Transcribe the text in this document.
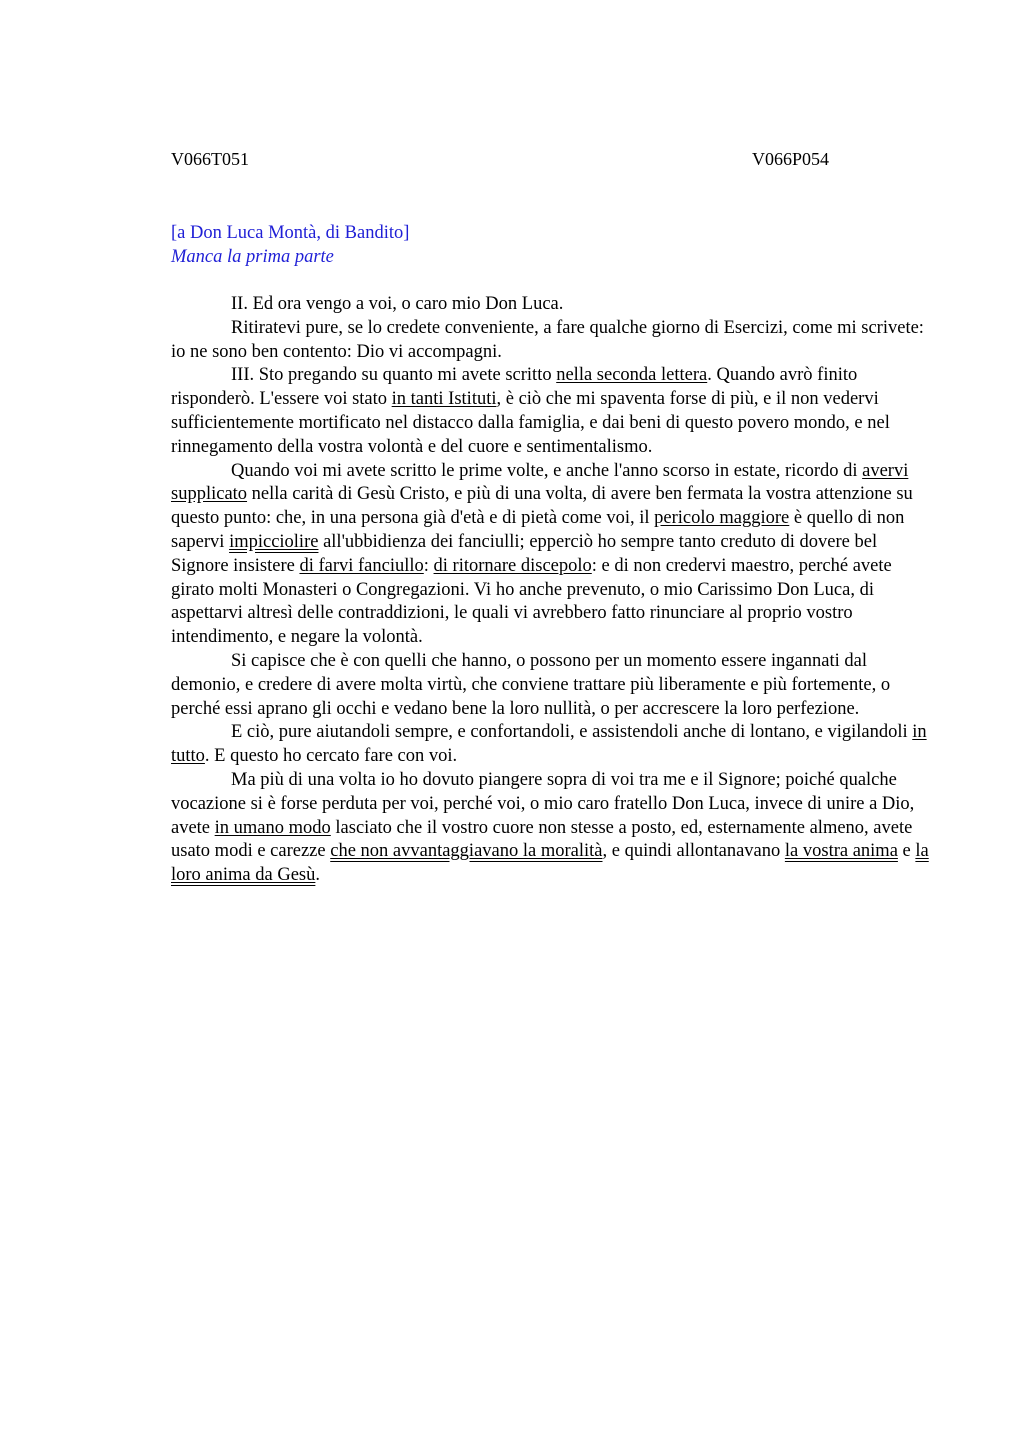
V066T051	V066P054
[a Don Luca Montà, di Bandito]
Manca la prima parte

II. Ed ora vengo a voi, o caro mio Don Luca.

Ritiratevi pure, se lo credete conveniente, a fare qualche giorno di Esercizi, come mi scrivete: io ne sono ben contento: Dio vi accompagni.

III. Sto pregando su quanto mi avete scritto nella seconda lettera. Quando avrò finito risponderò. L'essere voi stato in tanti Istituti, è ciò che mi spaventa forse di più, e il non vedervi sufficientemente mortificato nel distacco dalla famiglia, e dai beni di questo povero mondo, e nel rinnegamento della vostra volontà e del cuore e sentimentalismo.

Quando voi mi avete scritto le prime volte, e anche l'anno scorso in estate, ricordo di avervi supplicato nella carità di Gesù Cristo, e più di una volta, di avere ben fermata la vostra attenzione su questo punto: che, in una persona già d'età e di pietà come voi, il pericolo maggiore è quello di non sapervi impicciolire all'ubbidienza dei fanciulli; epperciò ho sempre tanto creduto di dovere bel Signore insistere di farvi fanciullo: di ritornare discepolo: e di non credervi maestro, perché avete girato molti Monasteri o Congregazioni. Vi ho anche prevenuto, o mio Carissimo Don Luca, di aspettarvi altresì delle contraddizioni, le quali vi avrebbero fatto rinunciare al proprio vostro intendimento, e negare la volontà.

Si capisce che è con quelli che hanno, o possono per un momento essere ingannati dal demonio, e credere di avere molta virtù, che conviene trattare più liberamente e più fortemente, o perché essi aprano gli occhi e vedano bene la loro nullità, o per accrescere la loro perfezione.

E ciò, pure aiutandoli sempre, e confortandoli, e assistendoli anche di lontano, e vigilandoli in tutto. E questo ho cercato fare con voi.

Ma più di una volta io ho dovuto piangere sopra di voi tra me e il Signore; poiché qualche vocazione si è forse perduta per voi, perché voi, o mio caro fratello Don Luca, invece di unire a Dio, avete in umano modo lasciato che il vostro cuore non stesse a posto, ed, esternamente almeno, avete usato modi e carezze che non avvantaggiavano la moralità, e quindi allontanavano la vostra anima e la loro anima da Gesù.
